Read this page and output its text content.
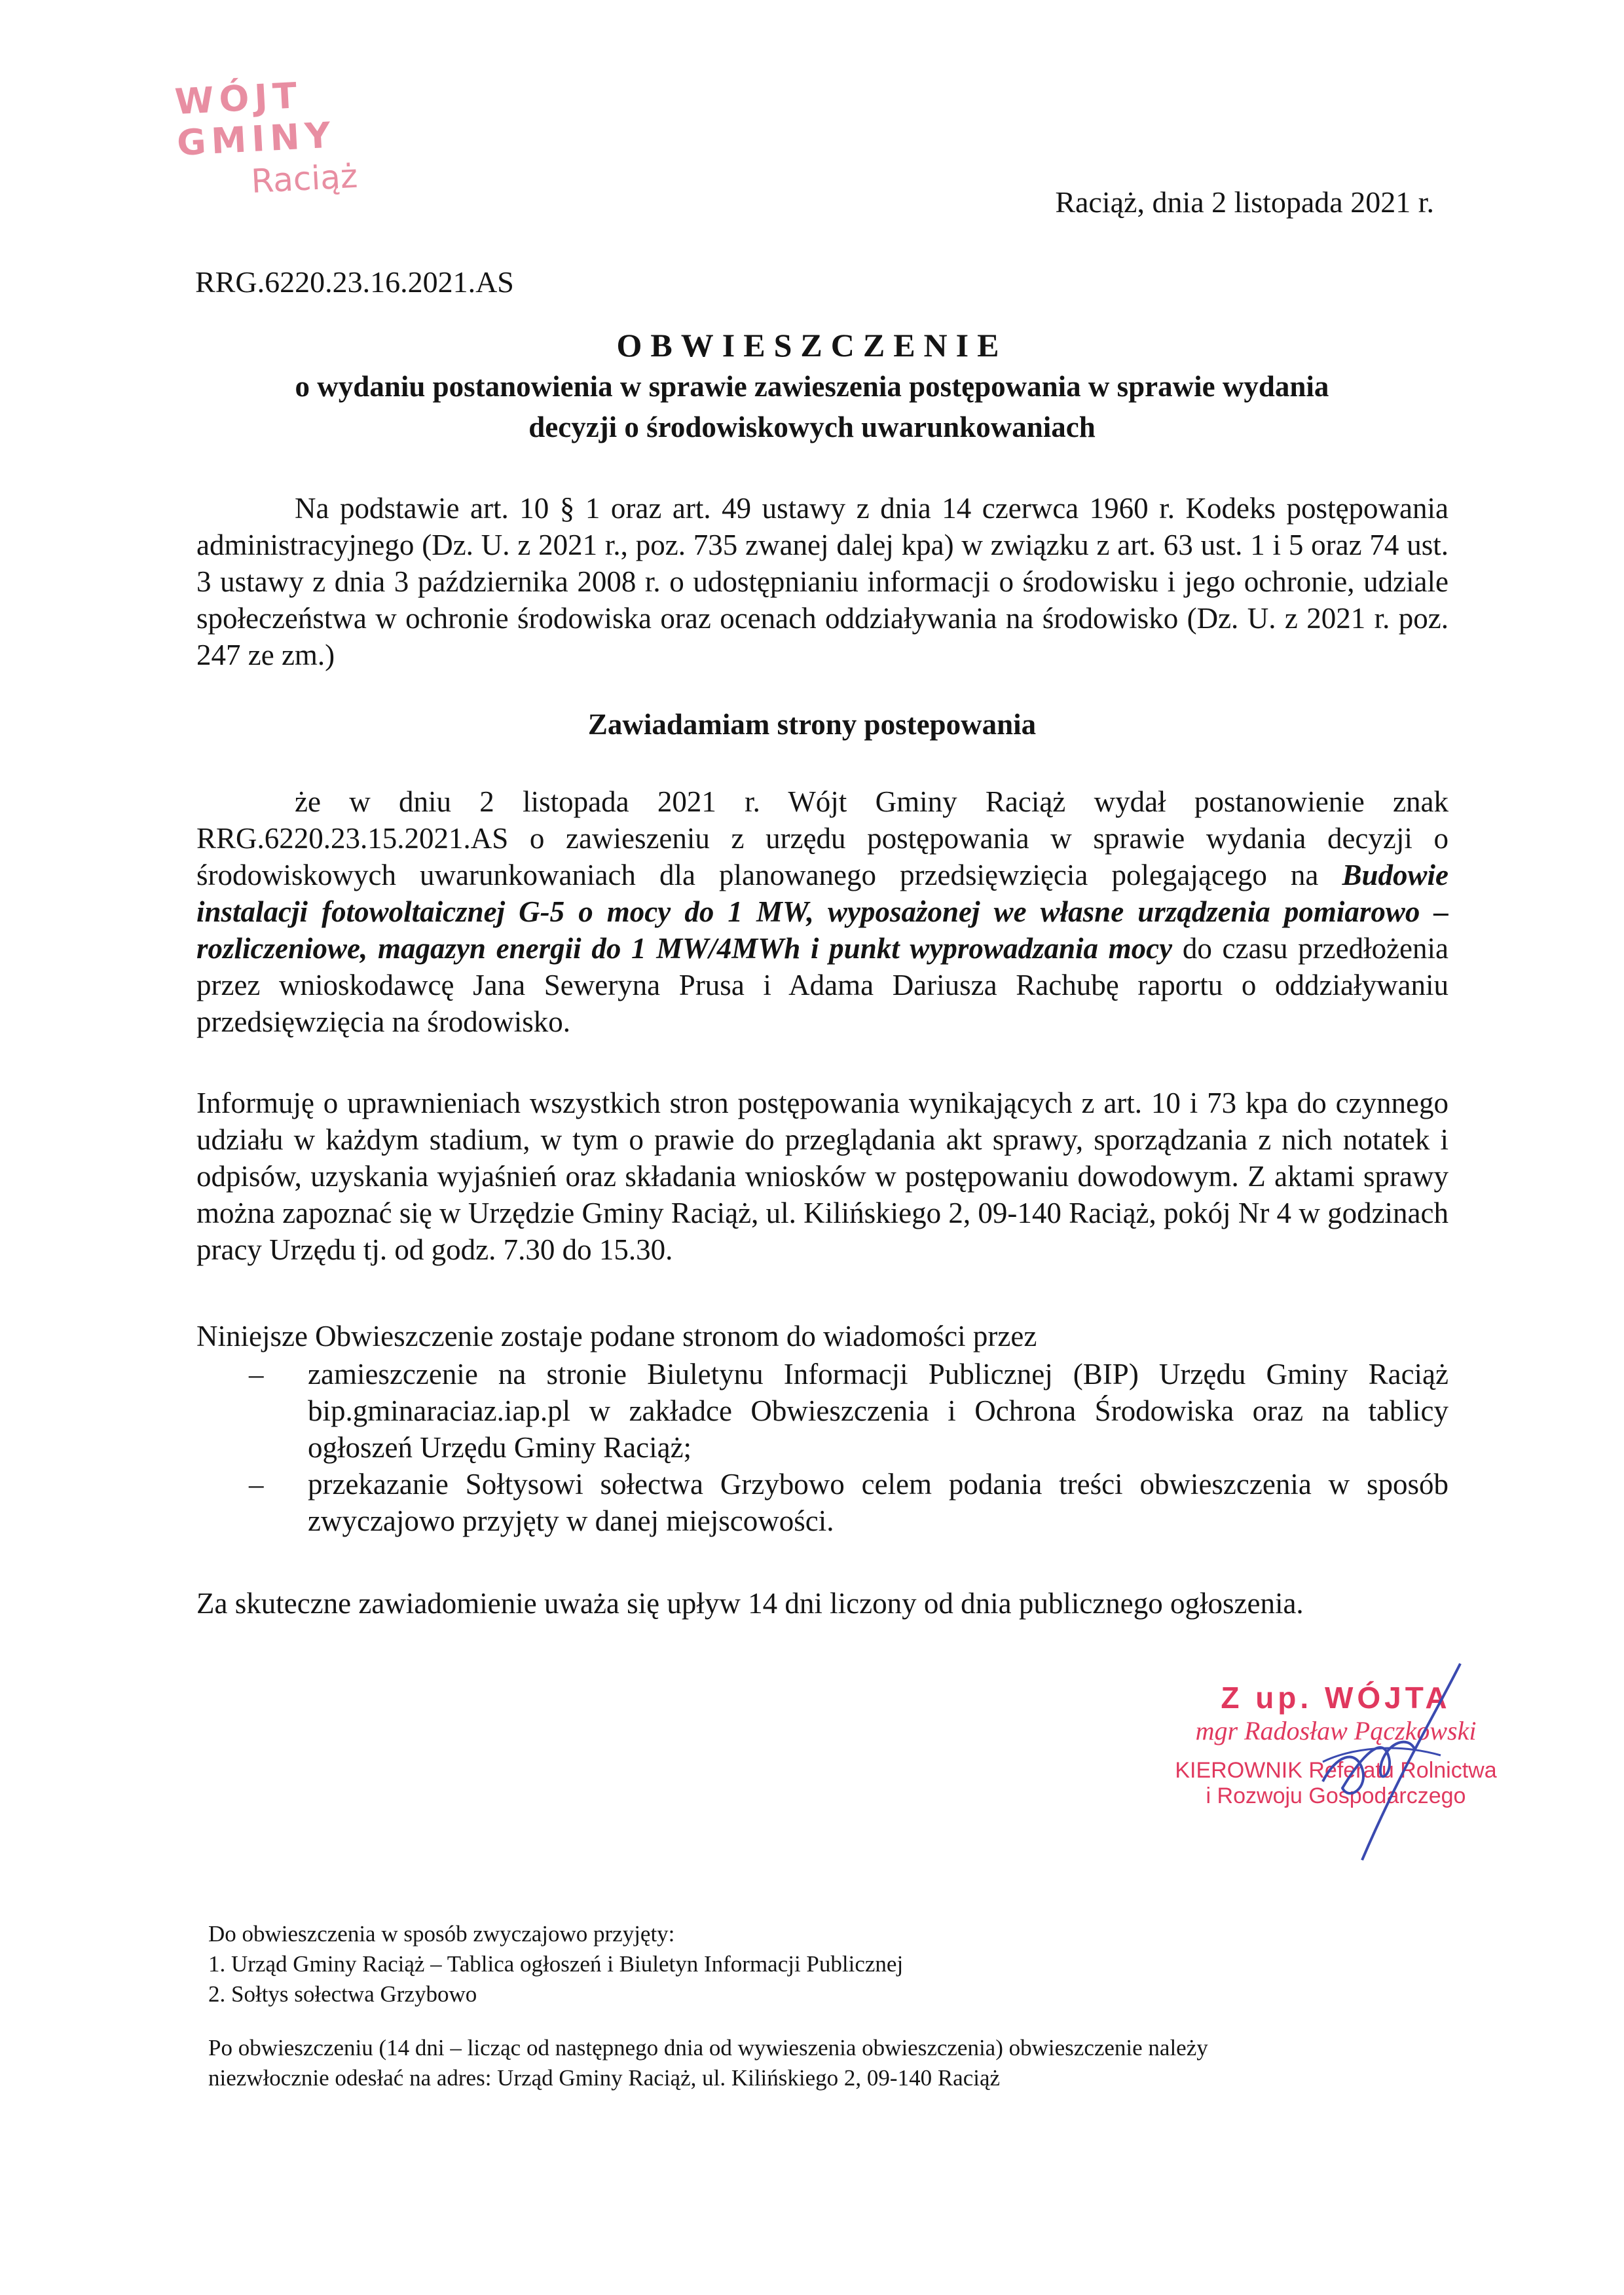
WÓJT GMINY
Raciąż
Raciąż, dnia 2 listopada 2021 r.
RRG.6220.23.16.2021.AS
OBWIESZCZENIE
o wydaniu postanowienia w sprawie zawieszenia postępowania w sprawie wydania
decyzji o środowiskowych uwarunkowaniach
Na podstawie art. 10 § 1 oraz art. 49 ustawy z dnia 14 czerwca 1960 r. Kodeks postępowania administracyjnego (Dz. U. z 2021 r., poz. 735 zwanej dalej kpa) w związku z art. 63 ust. 1 i 5 oraz 74 ust. 3 ustawy z dnia 3 października 2008 r. o udostępnianiu informacji o środowisku i jego ochronie, udziale społeczeństwa w ochronie środowiska oraz ocenach oddziaływania na środowisko (Dz. U. z 2021 r. poz. 247 ze zm.)
Zawiadamiam strony postepowania
że w dniu 2 listopada 2021 r. Wójt Gminy Raciąż wydał postanowienie znak RRG.6220.23.15.2021.AS o zawieszeniu z urzędu postępowania w sprawie wydania decyzji o środowiskowych uwarunkowaniach dla planowanego przedsięwzięcia polegającego na Budowie instalacji fotowoltaicznej G-5 o mocy do 1 MW, wyposażonej we własne urządzenia pomiarowo – rozliczeniowe, magazyn energii do 1 MW/4MWh i punkt wyprowadzania mocy do czasu przedłożenia przez wnioskodawcę Jana Seweryna Prusa i Adama Dariusza Rachubę raportu o oddziaływaniu przedsięwzięcia na środowisko.
Informuję o uprawnieniach wszystkich stron postępowania wynikających z art. 10 i 73 kpa do czynnego udziału w każdym stadium, w tym o prawie do przeglądania akt sprawy, sporządzania z nich notatek i odpisów, uzyskania wyjaśnień oraz składania wniosków w postępowaniu dowodowym. Z aktami sprawy można zapoznać się w Urzędzie Gminy Raciąż, ul. Kilińskiego 2, 09-140 Raciąż, pokój Nr 4 w godzinach pracy Urzędu tj. od godz. 7.30 do 15.30.
Niniejsze Obwieszczenie zostaje podane stronom do wiadomości przez
– zamieszczenie na stronie Biuletynu Informacji Publicznej (BIP) Urzędu Gminy Raciąż bip.gminaraciaz.iap.pl w zakładce Obwieszczenia i Ochrona Środowiska oraz na tablicy ogłoszeń Urzędu Gminy Raciąż;
– przekazanie Sołtysowi sołectwa Grzybowo celem podania treści obwieszczenia w sposób zwyczajowo przyjęty w danej miejscowości.
Za skuteczne zawiadomienie uważa się upływ 14 dni liczony od dnia publicznego ogłoszenia.
Z up. WÓJTA
mgr Radosław Pączkowski
KIEROWNIK Referatu Rolnictwa
i Rozwoju Gospodarczego

Do obwieszczenia w sposób zwyczajowo przyjęty:

1. Urząd Gminy Raciąż – Tablica ogłoszeń i Biuletyn Informacji Publicznej

2. Sołtys sołectwa Grzybowo

Po obwieszczeniu (14 dni – licząc od następnego dnia od wywieszenia obwieszczenia) obwieszczenie należy

niezwłocznie odesłać na adres: Urząd Gminy Raciąż, ul. Kilińskiego 2, 09-140 Raciąż
